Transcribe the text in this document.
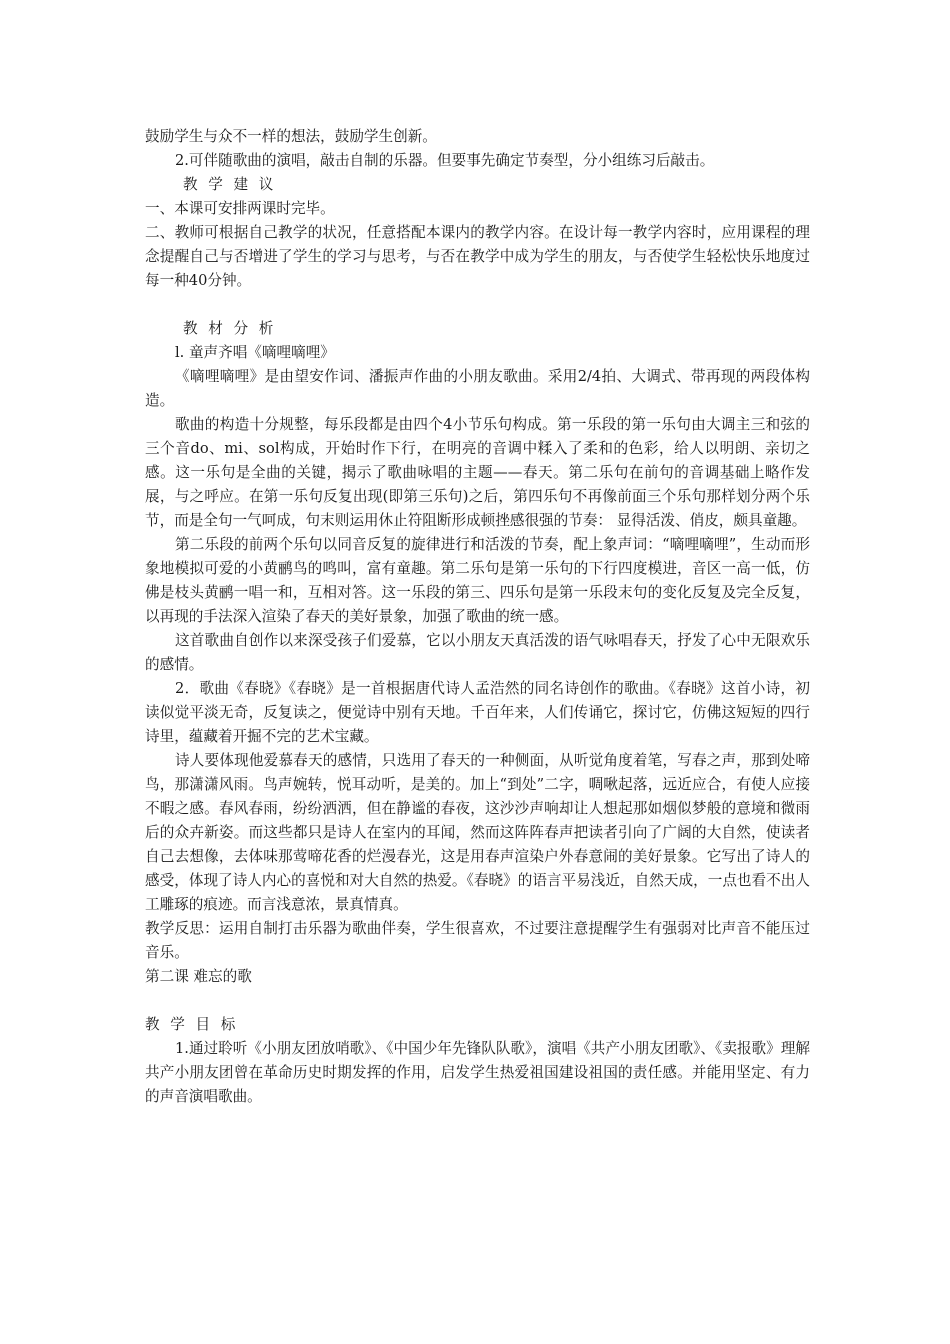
鼓励学生与众不一样的想法，鼓励学生创新。

2.可伴随歌曲的演唱，敲击自制的乐器。但要事先确定节奏型，分小组练习后敲击。

教 学 建 议

一、本课可安排两课时完毕。

二、教师可根据自己教学的状况，任意搭配本课内的教学内容。在设计每一教学内容时，应用课程的理念提醒自己与否增进了学生的学习与思考，与否在教学中成为学生的朋友，与否使学生轻松快乐地度过每一种40分钟。

教 材 分 析

l. 童声齐唱《嘀哩嘀哩》

《嘀哩嘀哩》是由望安作词、潘振声作曲的小朋友歌曲。采用2/4拍、大调式、带再现的两段体构造。

歌曲的构造十分规整，每乐段都是由四个4小节乐句构成。第一乐段的第一乐句由大调主三和弦的三个音do、mi、sol构成，开始时作下行，在明亮的音调中糅入了柔和的色彩，给人以明朗、亲切之感。这一乐句是全曲的关键，揭示了歌曲咏唱的主题——春天。第二乐句在前句的音调基础上略作发展，与之呼应。在第一乐句反复出现(即第三乐句)之后，第四乐句不再像前面三个乐句那样划分两个乐节，而是全句一气呵成，句末则运用休止符阻断形成顿挫感很强的节奏： 显得活泼、俏皮，颇具童趣。

第二乐段的前两个乐句以同音反复的旋律进行和活泼的节奏，配上象声词：“嘀哩嘀哩”，生动而形象地模拟可爱的小黄鹂鸟的鸣叫，富有童趣。第二乐句是第一乐句的下行四度模进，音区一高一低，仿佛是枝头黄鹂一唱一和，互相对答。这一乐段的第三、四乐句是第一乐段末句的变化反复及完全反复，以再现的手法深入渲染了春天的美好景象，加强了歌曲的统一感。

这首歌曲自创作以来深受孩子们爱慕，它以小朋友天真活泼的语气咏唱春天，抒发了心中无限欢乐的感情。

2．歌曲《春晓》《春晓》是一首根据唐代诗人孟浩然的同名诗创作的歌曲。《春晓》这首小诗，初读似觉平淡无奇，反复读之，便觉诗中别有天地。千百年来，人们传诵它，探讨它，仿佛这短短的四行诗里，蕴藏着开掘不完的艺术宝藏。

诗人要体现他爱慕春天的感情，只选用了春天的一种侧面，从听觉角度着笔，写春之声，那到处啼鸟，那潇潇风雨。鸟声婉转，悦耳动听，是美的。加上“到处”二字，啁啾起落，远近应合，有使人应接不暇之感。春风春雨，纷纷洒洒，但在静谧的春夜，这沙沙声响却让人想起那如烟似梦般的意境和微雨后的众卉新姿。而这些都只是诗人在室内的耳闻，然而这阵阵春声把读者引向了广阔的大自然，使读者自己去想像，去体味那莺啼花香的烂漫春光，这是用春声渲染户外春意闹的美好景象。它写出了诗人的感受，体现了诗人内心的喜悦和对大自然的热爱。《春晓》的语言平易浅近，自然天成，一点也看不出人工雕琢的痕迹。而言浅意浓，景真情真。

教学反思：运用自制打击乐器为歌曲伴奏，学生很喜欢，不过要注意提醒学生有强弱对比声音不能压过音乐。

第二课 难忘的歌

教 学 目 标

1.通过聆听《小朋友团放哨歌》、《中国少年先锋队队歌》，演唱《共产小朋友团歌》、《卖报歌》理解共产小朋友团曾在革命历史时期发挥的作用，启发学生热爱祖国建设祖国的责任感。并能用坚定、有力的声音演唱歌曲。
